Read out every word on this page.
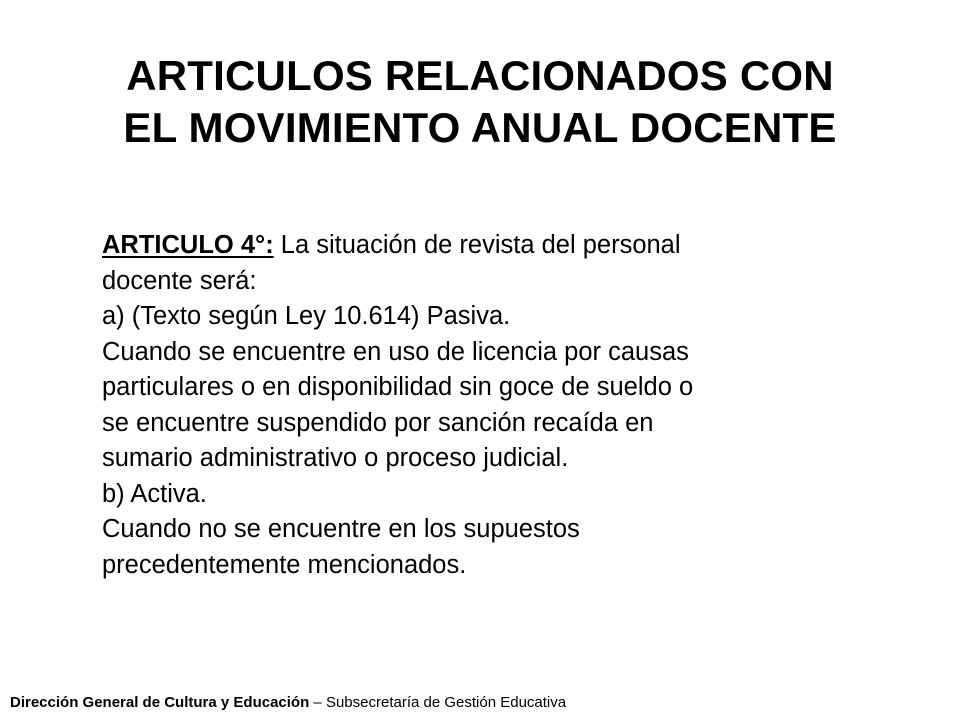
ARTICULOS RELACIONADOS CON
EL MOVIMIENTO ANUAL DOCENTE
ARTICULO 4°: La situación de revista del personal
docente será:
a) (Texto según Ley 10.614) Pasiva.
Cuando se encuentre en uso de licencia por causas
particulares o en disponibilidad sin goce de sueldo o
se encuentre suspendido por sanción recaída en
sumario administrativo o proceso judicial.
b) Activa.
Cuando no se encuentre en los supuestos
precedentemente mencionados.
Dirección General de Cultura y Educación – Subsecretaría de Gestión Educativa
